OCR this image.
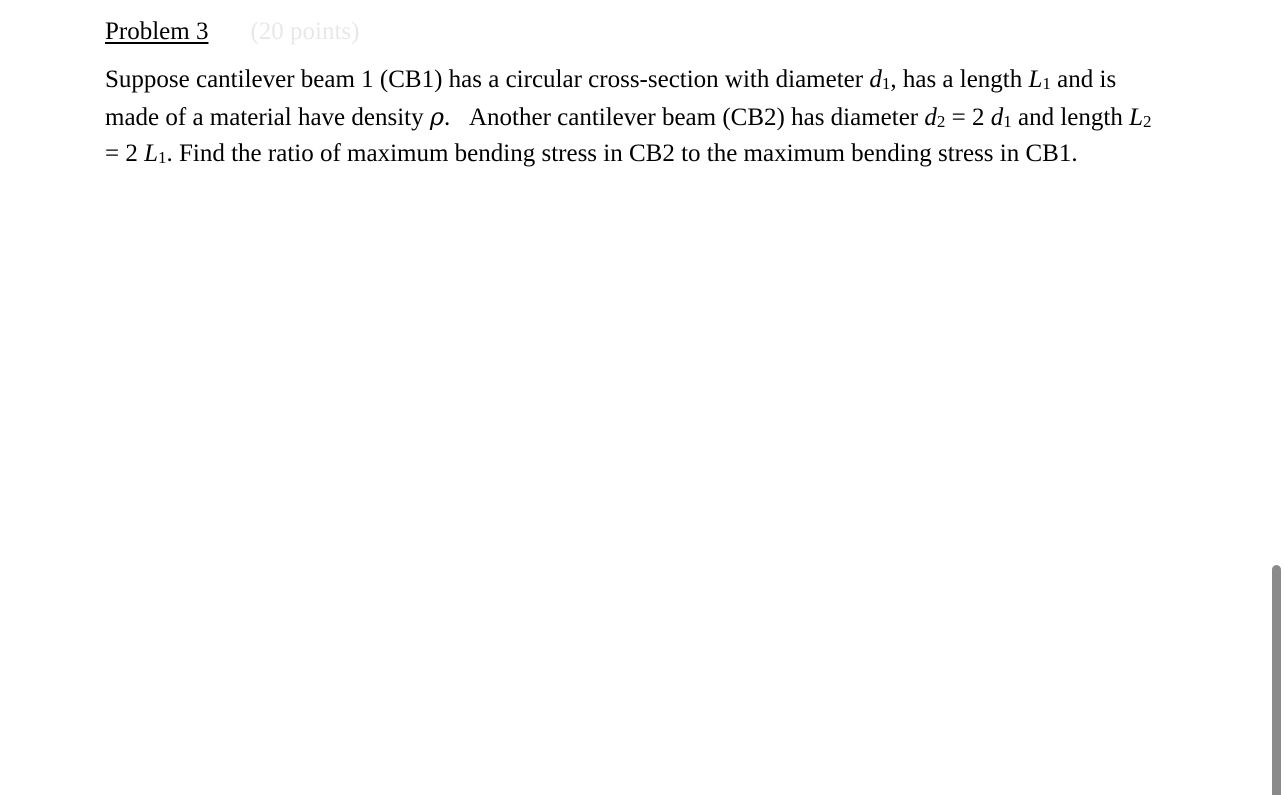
Problem 3 (20 points)
Suppose cantilever beam 1 (CB1) has a circular cross-section with diameter d1, has a length L1 and is
made of a material have density ρ.   Another cantilever beam (CB2) has diameter d2 = 2 d1 and length L2
= 2 L1. Find the ratio of maximum bending stress in CB2 to the maximum bending stress in CB1.
